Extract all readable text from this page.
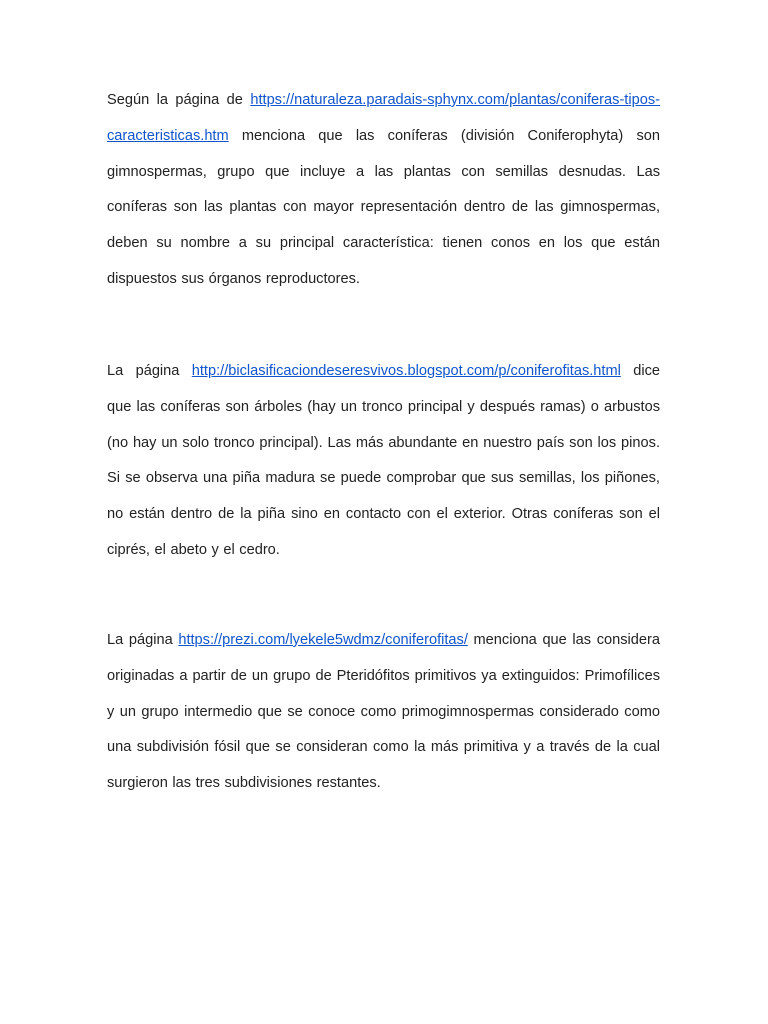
Según la página de https://naturaleza.paradais-sphynx.com/plantas/coniferas-tipos-caracteristicas.htm menciona que las coníferas (división Coniferophyta) son gimnospermas, grupo que incluye a las plantas con semillas desnudas. Las coníferas son las plantas con mayor representación dentro de las gimnospermas, deben su nombre a su principal característica: tienen conos en los que están dispuestos sus órganos reproductores.

La página http://biclasificaciondeseresvivos.blogspot.com/p/coniferofitas.html dice que las coníferas son árboles (hay un tronco principal y después ramas) o arbustos (no hay un solo tronco principal). Las más abundante en nuestro país son los pinos. Si se observa una piña madura se puede comprobar que sus semillas, los piñones, no están dentro de la piña sino en contacto con el exterior. Otras coníferas son el ciprés, el abeto y el cedro.

La página https://prezi.com/lyekele5wdmz/coniferofitas/ menciona que las considera originadas a partir de un grupo de Pteridófitos primitivos ya extinguidos: Primofílices y un grupo intermedio que se conoce como primogimnospermas considerado como una subdivisión fósil que se consideran como la más primitiva y a través de la cual surgieron las tres subdivisiones restantes.
